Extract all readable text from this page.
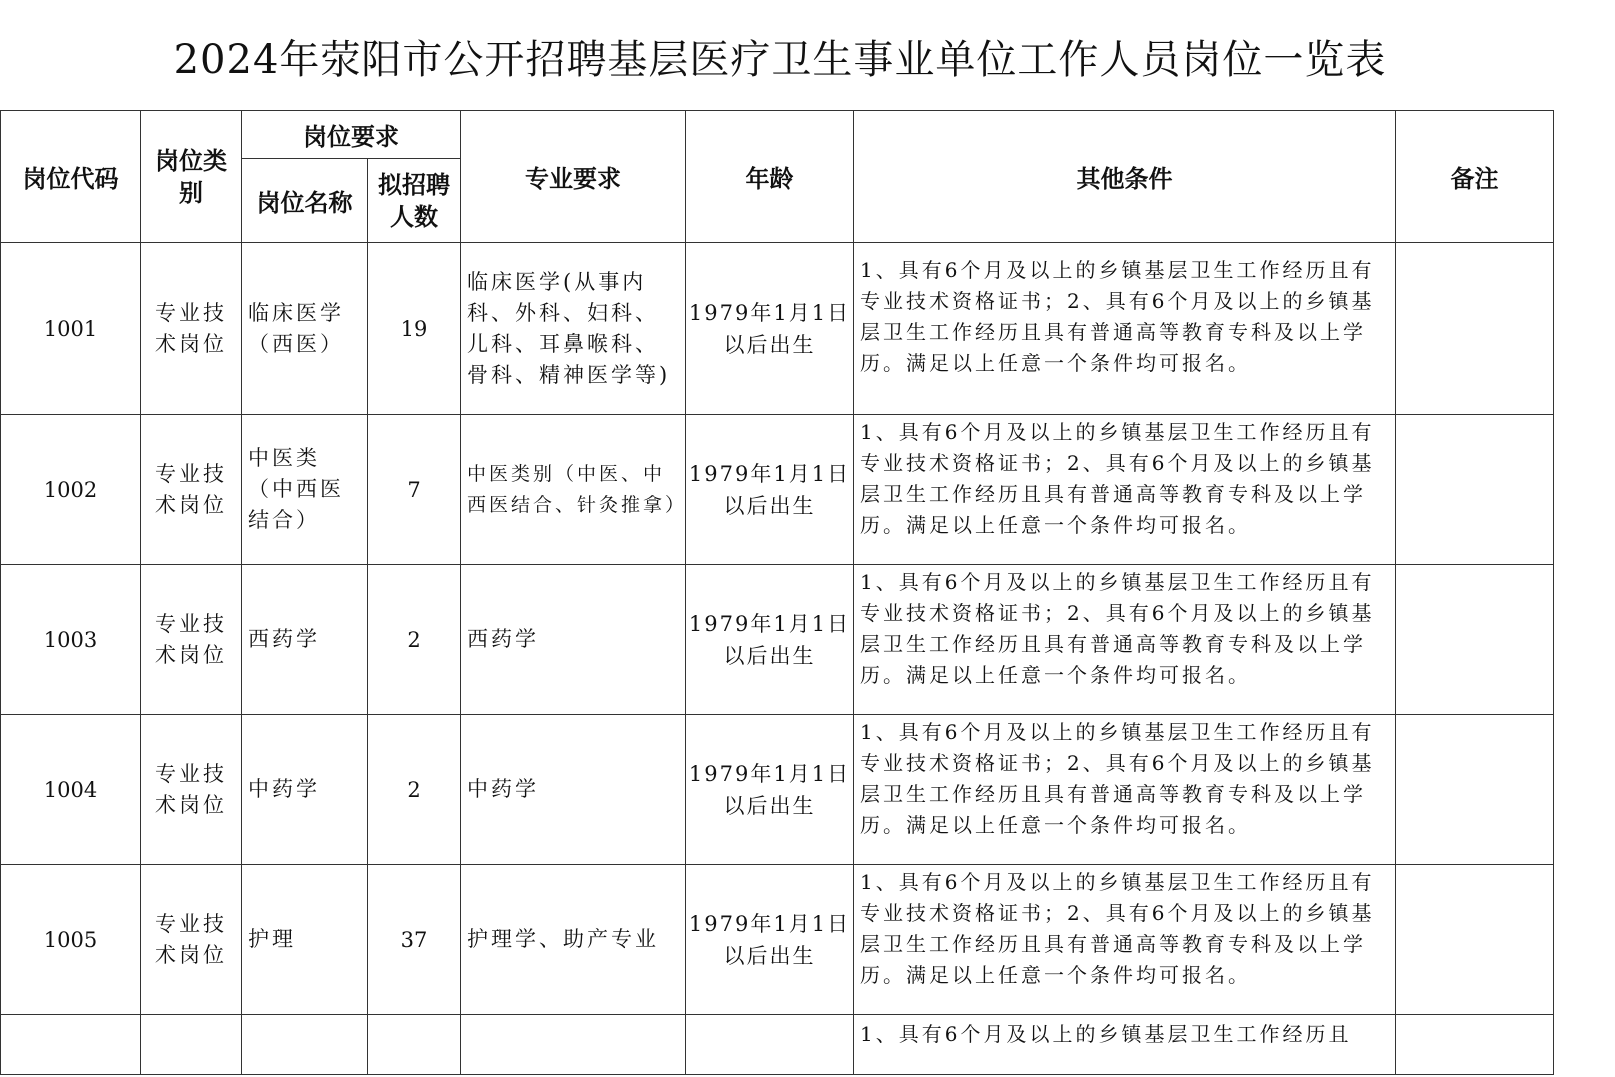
2024年荥阳市公开招聘基层医疗卫生事业单位工作人员岗位一览表
岗位代码	岗位类别	岗位要求		专业要求	年龄	其他条件	备注
		岗位名称	拟招聘人数				
1001	专业技术岗位	临床医学（西医）	19	临床医学(从事内科、外科、妇科、儿科、耳鼻喉科、骨科、精神医学等)	1979年1月1日以后出生	1、具有6个月及以上的乡镇基层卫生工作经历且有专业技术资格证书；2、具有6个月及以上的乡镇基层卫生工作经历且具有普通高等教育专科及以上学历。满足以上任意一个条件均可报名。	
1002	专业技术岗位	中医类（中西医结合）	7	中医类别（中医、中西医结合、针灸推拿）	1979年1月1日以后出生	1、具有6个月及以上的乡镇基层卫生工作经历且有专业技术资格证书；2、具有6个月及以上的乡镇基层卫生工作经历且具有普通高等教育专科及以上学历。满足以上任意一个条件均可报名。	
1003	专业技术岗位	西药学	2	西药学	1979年1月1日以后出生	1、具有6个月及以上的乡镇基层卫生工作经历且有专业技术资格证书；2、具有6个月及以上的乡镇基层卫生工作经历且具有普通高等教育专科及以上学历。满足以上任意一个条件均可报名。	
1004	专业技术岗位	中药学	2	中药学	1979年1月1日以后出生	1、具有6个月及以上的乡镇基层卫生工作经历且有专业技术资格证书；2、具有6个月及以上的乡镇基层卫生工作经历且具有普通高等教育专科及以上学历。满足以上任意一个条件均可报名。	
1005	专业技术岗位	护理	37	护理学、助产专业	1979年1月1日以后出生	1、具有6个月及以上的乡镇基层卫生工作经历且有专业技术资格证书；2、具有6个月及以上的乡镇基层卫生工作经历且具有普通高等教育专科及以上学历。满足以上任意一个条件均可报名。	
						1、具有6个月及以上的乡镇基层卫生工作经历且	
